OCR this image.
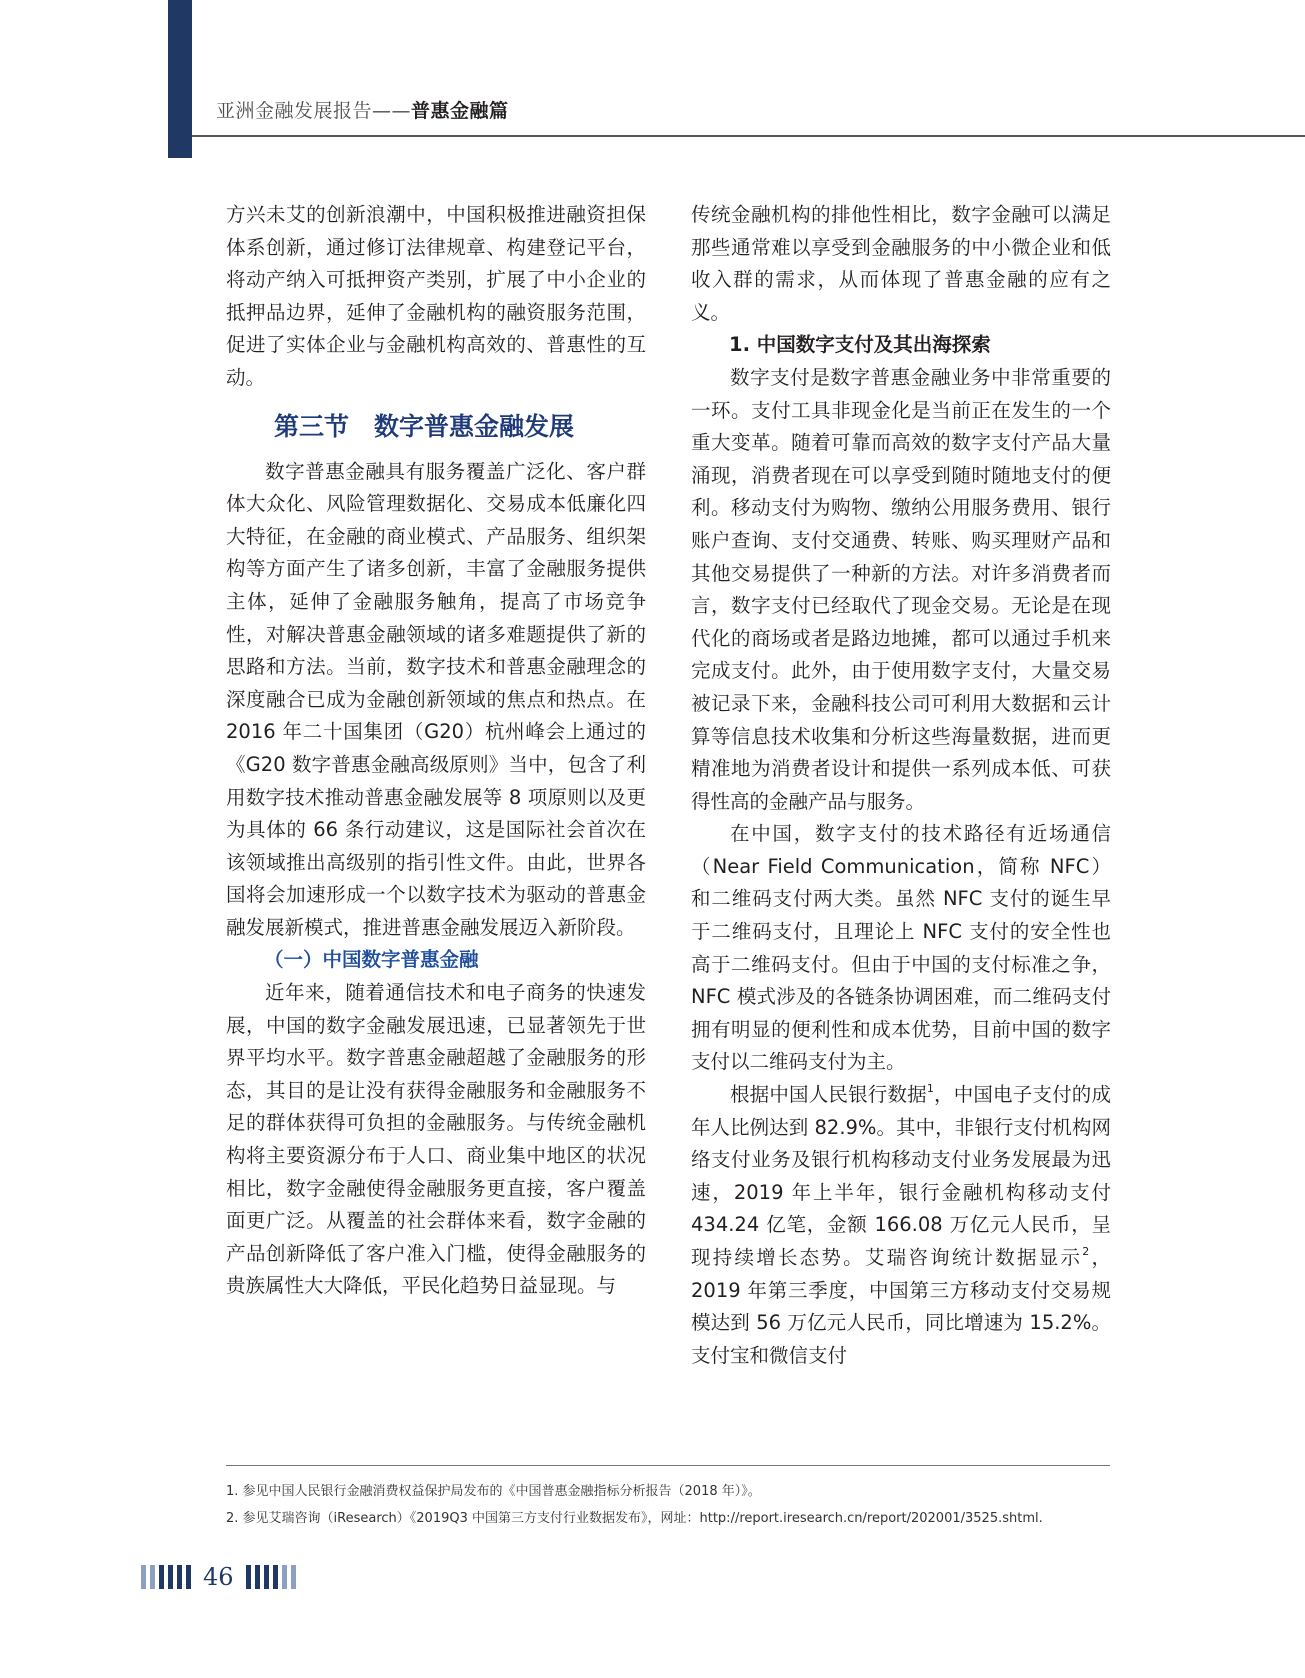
亚洲金融发展报告——普惠金融篇

方兴未艾的创新浪潮中，中国积极推进融资担保体系创新，通过修订法律规章、构建登记平台，将动产纳入可抵押资产类别，扩展了中小企业的抵押品边界，延伸了金融机构的融资服务范围，促进了实体企业与金融机构高效的、普惠性的互动。

第三节　数字普惠金融发展

数字普惠金融具有服务覆盖广泛化、客户群体大众化、风险管理数据化、交易成本低廉化四大特征，在金融的商业模式、产品服务、组织架构等方面产生了诸多创新，丰富了金融服务提供主体，延伸了金融服务触角，提高了市场竞争性，对解决普惠金融领域的诸多难题提供了新的思路和方法。当前，数字技术和普惠金融理念的深度融合已成为金融创新领域的焦点和热点。在 2016 年二十国集团（G20）杭州峰会上通过的《G20 数字普惠金融高级原则》当中，包含了利用数字技术推动普惠金融发展等 8 项原则以及更为具体的 66 条行动建议，这是国际社会首次在该领域推出高级别的指引性文件。由此，世界各国将会加速形成一个以数字技术为驱动的普惠金融发展新模式，推进普惠金融发展迈入新阶段。

（一）中国数字普惠金融

近年来，随着通信技术和电子商务的快速发展，中国的数字金融发展迅速，已显著领先于世界平均水平。数字普惠金融超越了金融服务的形态，其目的是让没有获得金融服务和金融服务不足的群体获得可负担的金融服务。与传统金融机构将主要资源分布于人口、商业集中地区的状况相比，数字金融使得金融服务更直接，客户覆盖面更广泛。从覆盖的社会群体来看，数字金融的产品创新降低了客户准入门槛，使得金融服务的贵族属性大大降低，平民化趋势日益显现。与

传统金融机构的排他性相比，数字金融可以满足那些通常难以享受到金融服务的中小微企业和低收入群的需求，从而体现了普惠金融的应有之义。

1. 中国数字支付及其出海探索

数字支付是数字普惠金融业务中非常重要的一环。支付工具非现金化是当前正在发生的一个重大变革。随着可靠而高效的数字支付产品大量涌现，消费者现在可以享受到随时随地支付的便利。移动支付为购物、缴纳公用服务费用、银行账户查询、支付交通费、转账、购买理财产品和其他交易提供了一种新的方法。对许多消费者而言，数字支付已经取代了现金交易。无论是在现代化的商场或者是路边地摊，都可以通过手机来完成支付。此外，由于使用数字支付，大量交易被记录下来，金融科技公司可利用大数据和云计算等信息技术收集和分析这些海量数据，进而更精准地为消费者设计和提供一系列成本低、可获得性高的金融产品与服务。

在中国，数字支付的技术路径有近场通信（Near Field Communication，简称 NFC）和二维码支付两大类。虽然 NFC 支付的诞生早于二维码支付，且理论上 NFC 支付的安全性也高于二维码支付。但由于中国的支付标准之争，NFC 模式涉及的各链条协调困难，而二维码支付拥有明显的便利性和成本优势，目前中国的数字支付以二维码支付为主。

根据中国人民银行数据$^1$，中国电子支付的成年人比例达到 82.9%。其中，非银行支付机构网络支付业务及银行机构移动支付业务发展最为迅速，2019 年上半年，银行金融机构移动支付 434.24 亿笔，金额 166.08 万亿元人民币，呈现持续增长态势。艾瑞咨询统计数据显示$^2$，2019 年第三季度，中国第三方移动支付交易规模达到 56 万亿元人民币，同比增速为 15.2%。支付宝和微信支付

1. 参见中国人民银行金融消费权益保护局发布的《中国普惠金融指标分析报告（2018 年）》。
2. 参见艾瑞咨询（iResearch）《2019Q3 中国第三方支付行业数据发布》，网址：http://report.iresearch.cn/report/202001/3525.shtml.
46
